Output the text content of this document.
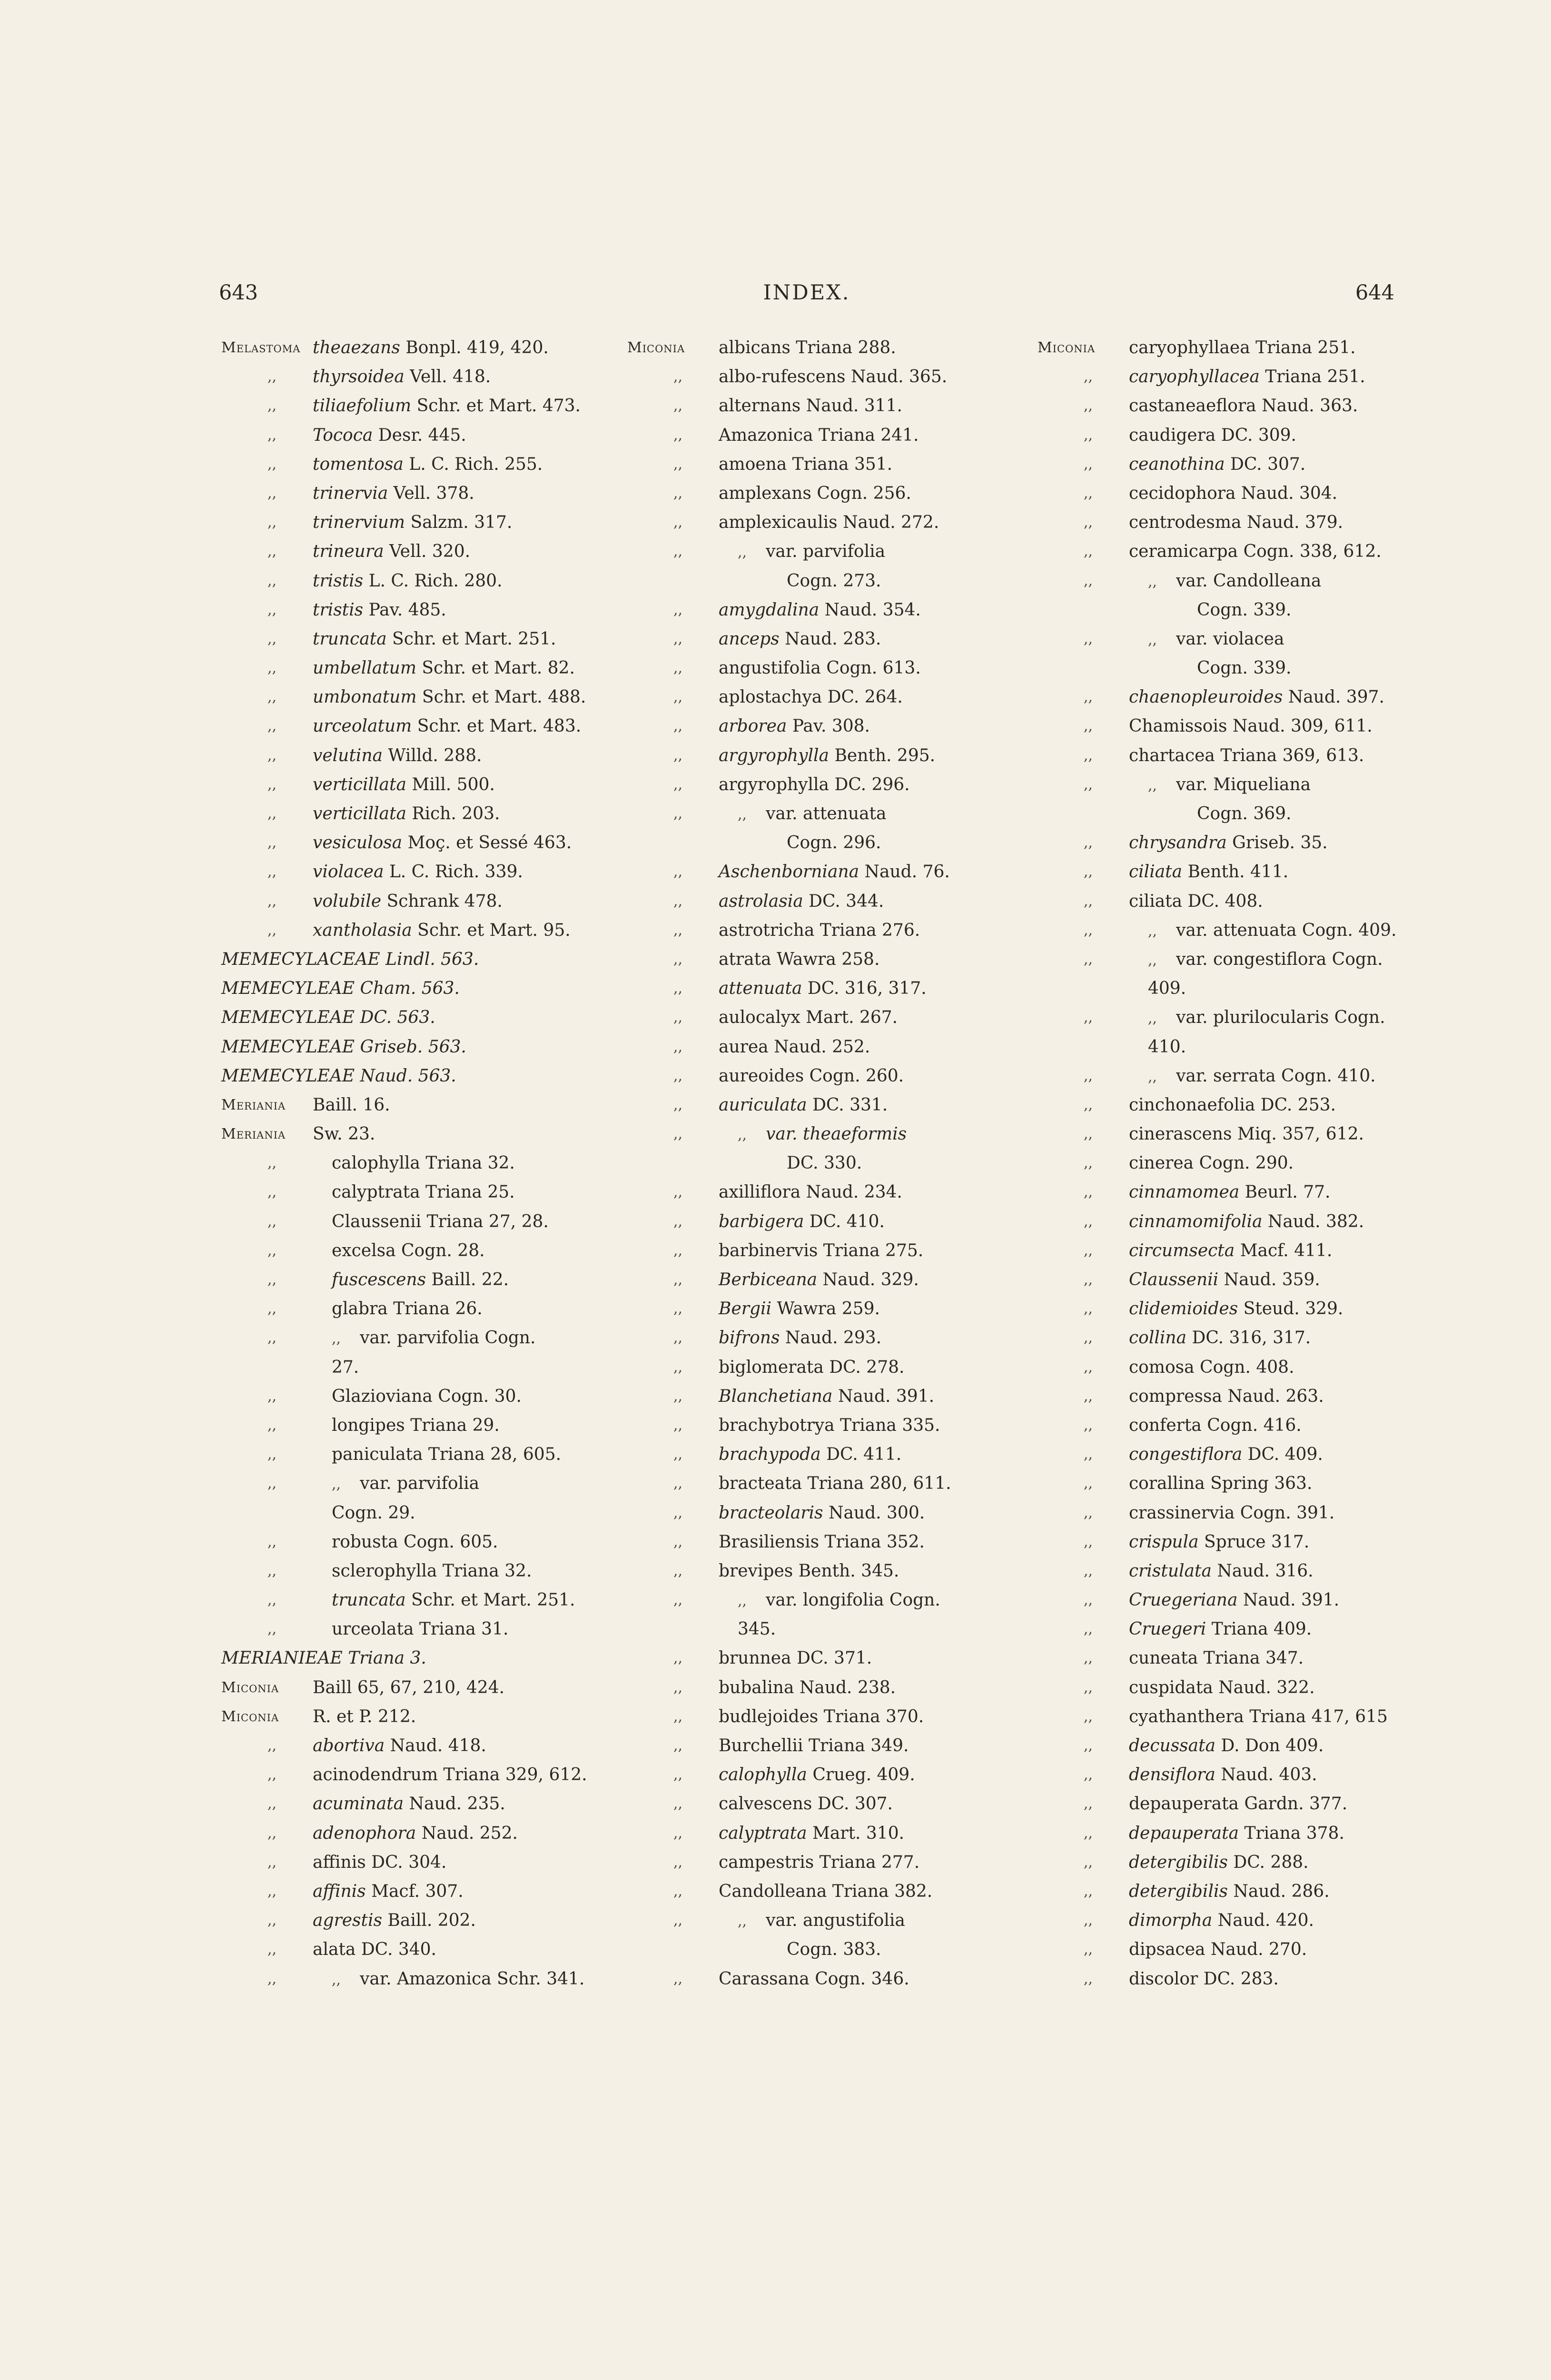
643	INDEX.	644
Melastoma theaezans Bonpl. 419, 420.
,, thyrsoidea Vell. 418.
,, tiliaefolium Schr. et Mart. 473.
,, Tococa Desr. 445.
,, tomentosa L. C. Rich. 255.
,, trinervia Vell. 378.
,, trinervium Salzm. 317.
,, trineura Vell. 320.
,, tristis L. C. Rich. 280.
,, tristis Pav. 485.
,, truncata Schr. et Mart. 251.
,, umbellatum Schr. et Mart. 82.
,, umbonatum Schr. et Mart. 488.
,, urceolatum Schr. et Mart. 483.
,, velutina Willd. 288.
,, verticillata Mill. 500.
,, verticillata Rich. 203.
,, vesiculosa Moç. et Sessé 463.
,, violacea L. C. Rich. 339.
,, volubile Schrank 478.
,, xantholasia Schr. et Mart. 95.
MEMECYLACEAE Lindl. 563.
MEMECYLEAE Cham. 563.
MEMECYLEAE DC. 563.
MEMECYLEAE Griseb. 563.
MEMECYLEAE Naud. 563.
Meriania Baill. 16.
Meriania Sw. 23.
,,	calophylla Triana 32.
,,	calyptrata Triana 25.
,,	Claussenii Triana 27, 28.
,,	excelsa Cogn. 28.
,,	fuscescens Baill. 22.
,,	glabra Triana 26.
,,	,, var. parvifolia Cogn.
27.
,,	Glazioviana Cogn. 30.
,,	longipes Triana 29.
,,	paniculata Triana 28, 605.
,,	,, var. parvifolia
Cogn. 29.
,,	robusta Cogn. 605.
,,	sclerophylla Triana 32.
,,	truncata Schr. et Mart. 251.
,,	urceolata Triana 31.
MERIANIEAE Triana 3.
Miconia Baill 65, 67, 210, 424.
Miconia R. et P. 212.
,, abortiva Naud. 418.
,, acinodendrum Triana 329, 612.
,, acuminata Naud. 235.
,, adenophora Naud. 252.
,, affinis DC. 304.
,, affinis Macf. 307.
,, agrestis Baill. 202.
,, alata DC. 340.
,,	,, var. Amazonica Schr. 341.
Miconia albicans Triana 288.
,, albo-rufescens Naud. 365.
,, alternans Naud. 311.
,, Amazonica Triana 241.
,, amoena Triana 351.
,, amplexans Cogn. 256.
,, amplexicaulis Naud. 272.
,,	,, var. parvifolia
Cogn. 273.
,, amygdalina Naud. 354.
,, anceps Naud. 283.
,, angustifolia Cogn. 613.
,, aplostachya DC. 264.
,, arborea Pav. 308.
,, argyrophylla Benth. 295.
,, argyrophylla DC. 296.
,,	,, var. attenuata
Cogn. 296.
,, Aschenborniana Naud. 76.
,, astrolasia DC. 344.
,, astrotricha Triana 276.
,, atrata Wawra 258.
,, attenuata DC. 316, 317.
,, aulocalyx Mart. 267.
,, aurea Naud. 252.
,, aureoides Cogn. 260.
,, auriculata DC. 331.
,,	,, var. theaeformis
DC. 330.
,, axilliflora Naud. 234.
,, barbigera DC. 410.
,, barbinervis Triana 275.
,, Berbiceana Naud. 329.
,, Bergii Wawra 259.
,, bifrons Naud. 293.
,, biglomerata DC. 278.
,, Blanchetiana Naud. 391.
,, brachybotrya Triana 335.
,, brachypoda DC. 411.
,, bracteata Triana 280, 611.
,, bracteolaris Naud. 300.
,, Brasiliensis Triana 352.
,, brevipes Benth. 345.
,,	,, var. longifolia Cogn.
345.
,, brunnea DC. 371.
,, bubalina Naud. 238.
,, budlejoides Triana 370.
,, Burchellii Triana 349.
,, calophylla Crueg. 409.
,, calvescens DC. 307.
,, calyptrata Mart. 310.
,, campestris Triana 277.
,, Candolleana Triana 382.
,,	,, var. angustifolia
Cogn. 383.
,, Carassana Cogn. 346.
Miconia caryophyllaea Triana 251.
,, caryophyllacea Triana 251.
,, castaneaeflora Naud. 363.
,, caudigera DC. 309.
,, ceanothina DC. 307.
,, cecidophora Naud. 304.
,, centrodesma Naud. 379.
,, ceramicarpa Cogn. 338, 612.
,,	,, var. Candolleana
Cogn. 339.
,,	,, var. violacea
Cogn. 339.
,, chaenopleuroides Naud. 397.
,, Chamissois Naud. 309, 611.
,, chartacea Triana 369, 613.
,,	,, var. Miqueliana
Cogn. 369.
,, chrysandra Griseb. 35.
,, ciliata Benth. 411.
,, ciliata DC. 408.
,,	,, var. attenuata Cogn. 409.
,,	,, var. congestiflora Cogn.
409.
,,	,, var. plurilocularis Cogn.
410.
,,	,, var. serrata Cogn. 410.
,, cinchonaefolia DC. 253.
,, cinerascens Miq. 357, 612.
,, cinerea Cogn. 290.
,, cinnamomea Beurl. 77.
,, cinnamomifolia Naud. 382.
,, circumsecta Macf. 411.
,, Claussenii Naud. 359.
,, clidemioides Steud. 329.
,, collina DC. 316, 317.
,, comosa Cogn. 408.
,, compressa Naud. 263.
,, conferta Cogn. 416.
,, congestiflora DC. 409.
,, corallina Spring 363.
,, crassinervia Cogn. 391.
,, crispula Spruce 317.
,, cristulata Naud. 316.
,, Cruegeriana Naud. 391.
,, Cruegeri Triana 409.
,, cuneata Triana 347.
,, cuspidata Naud. 322.
,, cyathanthera Triana 417, 615
,, decussata D. Don 409.
,, densiflora Naud. 403.
,, depauperata Gardn. 377.
,, depauperata Triana 378.
,, detergibilis DC. 288.
,, detergibilis Naud. 286.
,, dimorpha Naud. 420.
,, dipsacea Naud. 270.
,, discolor DC. 283.
